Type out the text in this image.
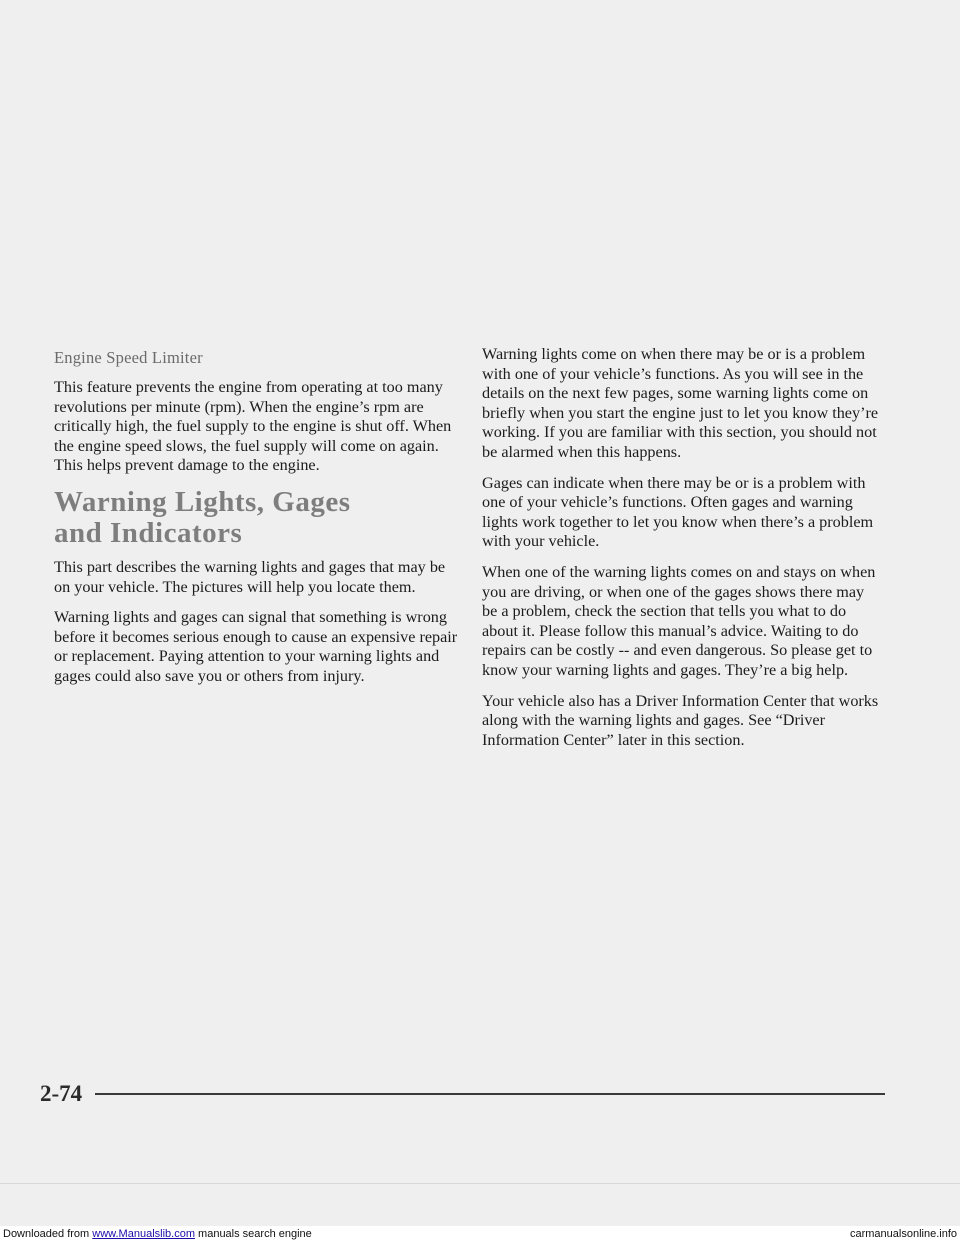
Engine Speed Limiter

This feature prevents the engine from operating at too many revolutions per minute (rpm). When the engine’s rpm are critically high, the fuel supply to the engine is shut off. When the engine speed slows, the fuel supply will come on again. This helps prevent damage to the engine.

Warning Lights, Gages
and Indicators

This part describes the warning lights and gages that may be on your vehicle. The pictures will help you locate them.

Warning lights and gages can signal that something is wrong before it becomes serious enough to cause an expensive repair or replacement. Paying attention to your warning lights and gages could also save you or others from injury.

Warning lights come on when there may be or is a problem with one of your vehicle’s functions. As you will see in the details on the next few pages, some warning lights come on briefly when you start the engine just to let you know they’re working. If you are familiar with this section, you should not be alarmed when this happens.

Gages can indicate when there may be or is a problem with one of your vehicle’s functions. Often gages and warning lights work together to let you know when there’s a problem with your vehicle.

When one of the warning lights comes on and stays on when you are driving, or when one of the gages shows there may be a problem, check the section that tells you what to do about it. Please follow this manual’s advice. Waiting to do repairs can be costly -- and even dangerous. So please get to know your warning lights and gages. They’re a big help.

Your vehicle also has a Driver Information Center that works along with the warning lights and gages. See “Driver Information Center” later in this section.

2-74
Downloaded from www.Manualslib.com manuals search engine	carmanualsonline.info
